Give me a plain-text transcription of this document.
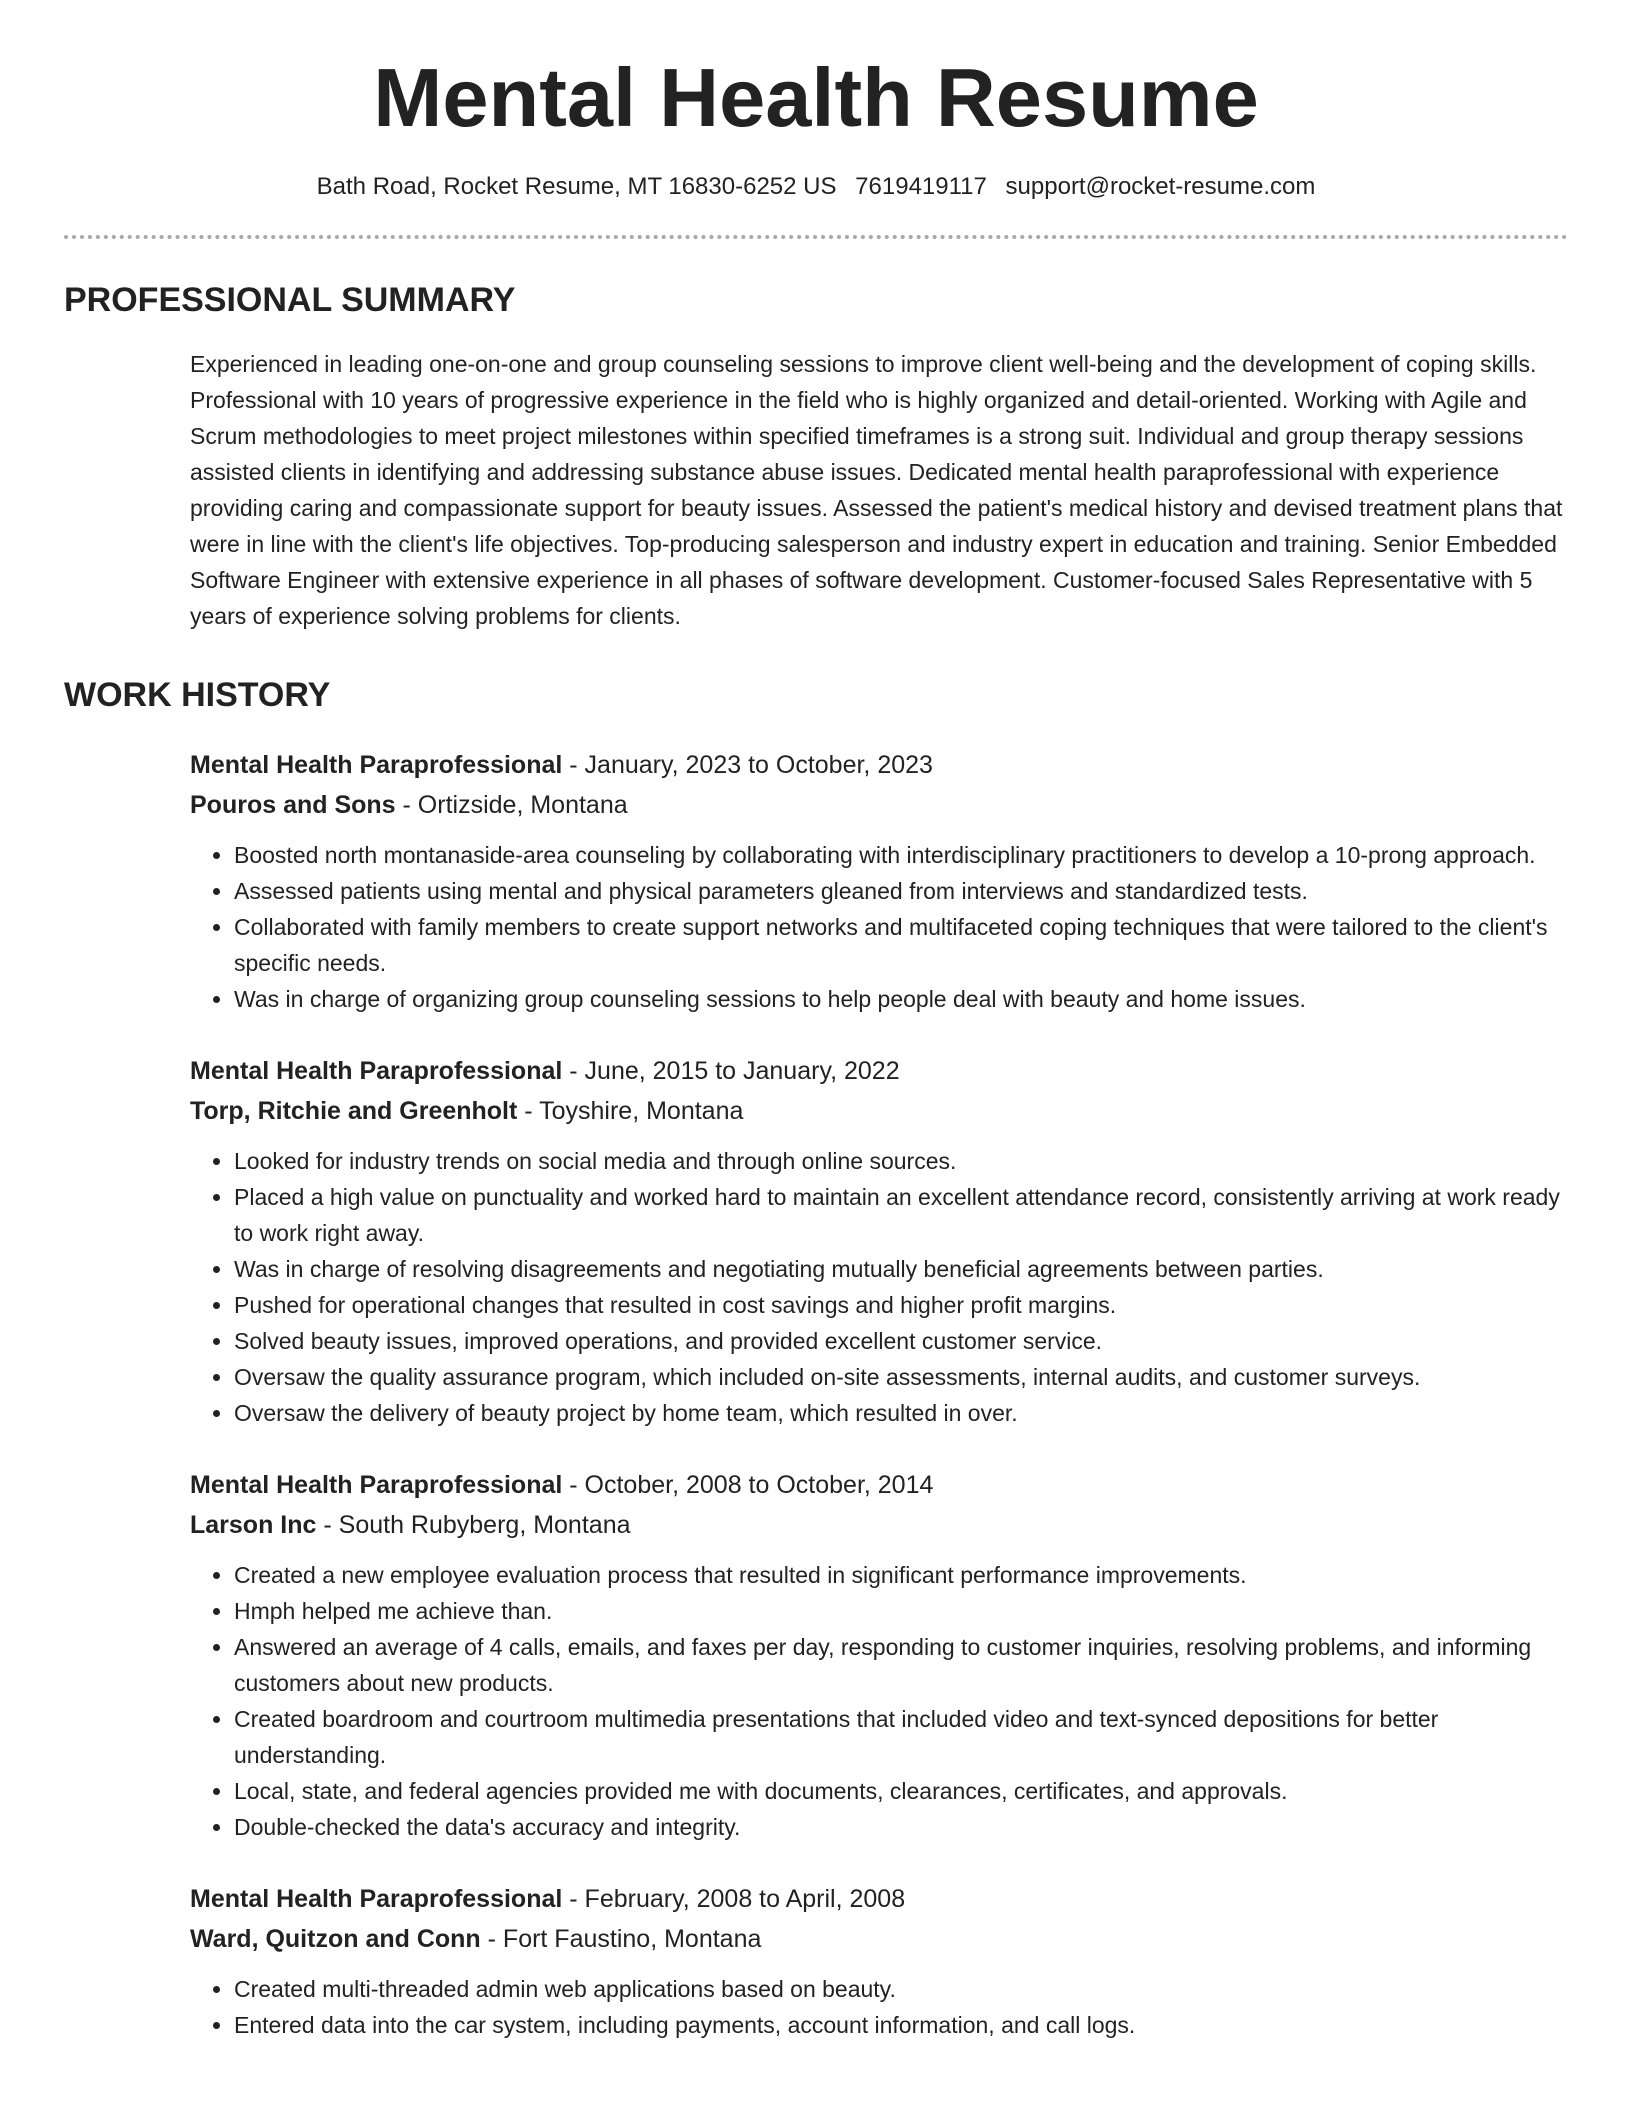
Mental Health Resume
Bath Road, Rocket Resume, MT 16830-6252 US 7619419117 support@rocket-resume.com
PROFESSIONAL SUMMARY
Experienced in leading one-on-one and group counseling sessions to improve client well-being and the development of coping skills. Professional with 10 years of progressive experience in the field who is highly organized and detail-oriented. Working with Agile and Scrum methodologies to meet project milestones within specified timeframes is a strong suit. Individual and group therapy sessions assisted clients in identifying and addressing substance abuse issues. Dedicated mental health paraprofessional with experience providing caring and compassionate support for beauty issues. Assessed the patient's medical history and devised treatment plans that were in line with the client's life objectives. Top-producing salesperson and industry expert in education and training. Senior Embedded Software Engineer with extensive experience in all phases of software development. Customer-focused Sales Representative with 5 years of experience solving problems for clients.
WORK HISTORY
Mental Health Paraprofessional - January, 2023 to October, 2023
Pouros and Sons - Ortizside, Montana
• Boosted north montanaside-area counseling by collaborating with interdisciplinary practitioners to develop a 10-prong approach.
• Assessed patients using mental and physical parameters gleaned from interviews and standardized tests.
• Collaborated with family members to create support networks and multifaceted coping techniques that were tailored to the client's specific needs.
• Was in charge of organizing group counseling sessions to help people deal with beauty and home issues.
Mental Health Paraprofessional - June, 2015 to January, 2022
Torp, Ritchie and Greenholt - Toyshire, Montana
• Looked for industry trends on social media and through online sources.
• Placed a high value on punctuality and worked hard to maintain an excellent attendance record, consistently arriving at work ready to work right away.
• Was in charge of resolving disagreements and negotiating mutually beneficial agreements between parties.
• Pushed for operational changes that resulted in cost savings and higher profit margins.
• Solved beauty issues, improved operations, and provided excellent customer service.
• Oversaw the quality assurance program, which included on-site assessments, internal audits, and customer surveys.
• Oversaw the delivery of beauty project by home team, which resulted in over.
Mental Health Paraprofessional - October, 2008 to October, 2014
Larson Inc - South Rubyberg, Montana
• Created a new employee evaluation process that resulted in significant performance improvements.
• Hmph helped me achieve than.
• Answered an average of 4 calls, emails, and faxes per day, responding to customer inquiries, resolving problems, and informing customers about new products.
• Created boardroom and courtroom multimedia presentations that included video and text-synced depositions for better understanding.
• Local, state, and federal agencies provided me with documents, clearances, certificates, and approvals.
• Double-checked the data's accuracy and integrity.
Mental Health Paraprofessional - February, 2008 to April, 2008
Ward, Quitzon and Conn - Fort Faustino, Montana
• Created multi-threaded admin web applications based on beauty.
• Entered data into the car system, including payments, account information, and call logs.
